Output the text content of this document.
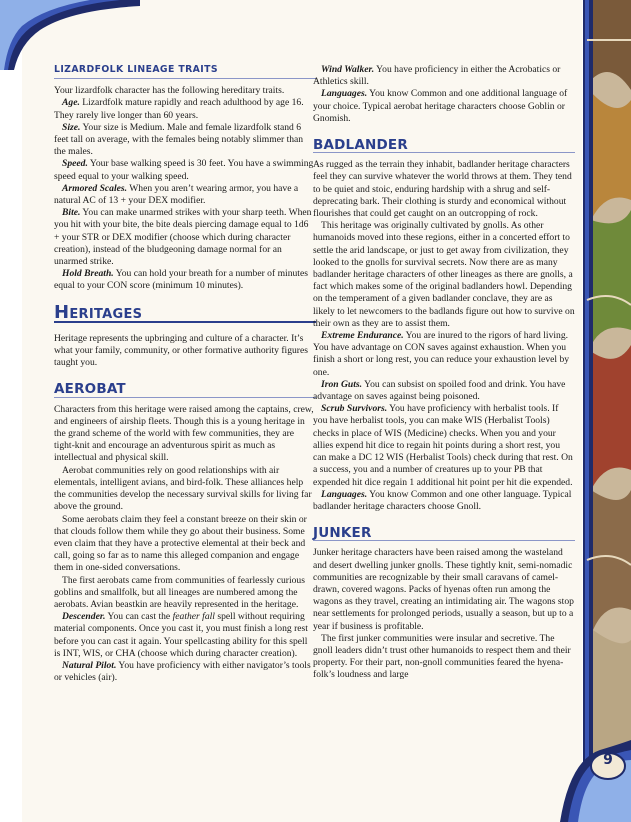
9
LIZARDFOLK LINEAGE TRAITS

Your lizardfolk character has the following hereditary traits.

Age. Lizardfolk mature rapidly and reach adulthood by age 16. They rarely live longer than 60 years.

Size. Your size is Medium. Male and female lizardfolk stand 6 feet tall on average, with the females being notably slimmer than the males.

Speed. Your base walking speed is 30 feet. You have a swimming speed equal to your walking speed.

Armored Scales. When you aren’t wearing armor, you have a natural AC of 13 + your DEX modifier.

Bite. You can make unarmed strikes with your sharp teeth. When you hit with your bite, the bite deals piercing damage equal to 1d6 + your STR or DEX modifier (choose which during character creation), instead of the bludgeoning damage normal for an unarmed strike.

Hold Breath. You can hold your breath for a number of minutes equal to your CON score (minimum 10 minutes).

Heritages

Heritage represents the upbringing and culture of a character. It’s what your family, community, or other formative authority figures taught you.

AEROBAT

Characters from this heritage were raised among the captains, crew, and engineers of airship fleets. Though this is a young heritage in the grand scheme of the world with few communities, they are tight-knit and encourage an adventurous spirit as much as intellectual and physical skill.

Aerobat communities rely on good relationships with air elementals, intelligent avians, and bird-folk. These alliances help the communities develop the necessary survival skills for living far above the ground.

Some aerobats claim they feel a constant breeze on their skin or that clouds follow them while they go about their business. Some even claim that they have a protective elemental at their beck and call, going so far as to name this alleged companion and engage them in one-sided conversations.

The first aerobats came from communities of fearlessly curious goblins and smallfolk, but all lineages are numbered among the aerobats. Avian beastkin are heavily represented in the heritage.

Descender. You can cast the feather fall spell without requiring material components. Once you cast it, you must finish a long rest before you can cast it again. Your spellcasting ability for this spell is INT, WIS, or CHA (choose which during character creation).

Natural Pilot. You have proficiency with either navigator’s tools or vehicles (air).

Wind Walker. You have proficiency in either the Acrobatics or Athletics skill.

Languages. You know Common and one additional language of your choice. Typical aerobat heritage characters choose Goblin or Gnomish.

BADLANDER

As rugged as the terrain they inhabit, badlander heritage characters feel they can survive whatever the world throws at them. They tend to be quiet and stoic, enduring hardship with a shrug and self-deprecating bark. Their clothing is sturdy and economical without flourishes that could get caught on an outcropping of rock.

This heritage was originally cultivated by gnolls. As other humanoids moved into these regions, either in a concerted effort to settle the arid landscape, or just to get away from civilization, they looked to the gnolls for survival secrets. Now there are as many badlander heritage characters of other lineages as there are gnolls, a fact which makes some of the original badlanders howl. Depending on the temperament of a given badlander conclave, they are as likely to let newcomers to the badlands figure out how to survive on their own as they are to assist them.

Extreme Endurance. You are inured to the rigors of hard living. You have advantage on CON saves against exhaustion. When you finish a short or long rest, you can reduce your exhaustion level by one.

Iron Guts. You can subsist on spoiled food and drink. You have advantage on saves against being poisoned.

Scrub Survivors. You have proficiency with herbalist tools. If you have herbalist tools, you can make WIS (Herbalist Tools) checks in place of WIS (Medicine) checks. When you and your allies expend hit dice to regain hit points during a short rest, you can make a DC 12 WIS (Herbalist Tools) check during that rest. On a success, you and a number of creatures up to your PB that expended hit dice regain 1 additional hit point per hit die expended.

Languages. You know Common and one other language. Typical badlander heritage characters choose Gnoll.

JUNKER

Junker heritage characters have been raised among the wasteland and desert dwelling junker gnolls. These tightly knit, semi-nomadic communities are recognizable by their small caravans of camel-drawn, covered wagons. Packs of hyenas often run among the wagons as they travel, creating an intimidating air. The wagons stop near settlements for prolonged periods, usually a season, but up to a year if business is profitable.

The first junker communities were insular and secretive. The gnoll leaders didn’t trust other humanoids to respect them and their property. For their part, non-gnoll communities feared the hyena-folk’s loudness and large
